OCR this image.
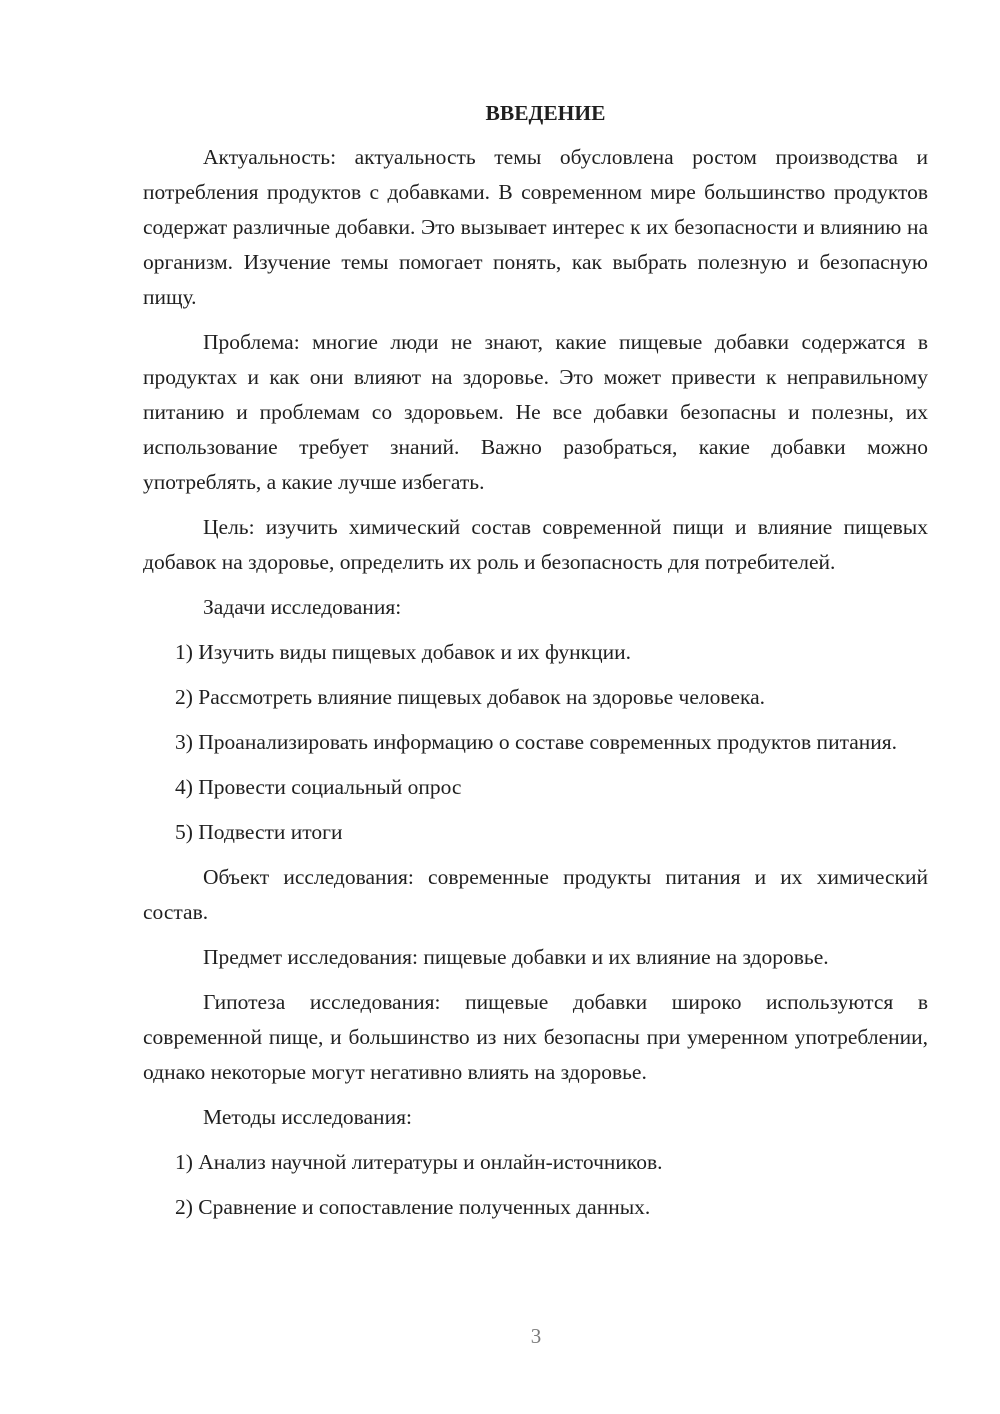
ВВЕДЕНИЕ

Актуальность: актуальность темы обусловлена ростом производства и потребления продуктов с добавками. В современном мире большинство продуктов содержат различные добавки. Это вызывает интерес к их безопасности и влиянию на организм. Изучение темы помогает понять, как выбрать полезную и безопасную пищу.

Проблема: многие люди не знают, какие пищевые добавки содержатся в продуктах и как они влияют на здоровье. Это может привести к неправильному питанию и проблемам со здоровьем. Не все добавки безопасны и полезны, их использование требует знаний. Важно разобраться, какие добавки можно употреблять, а какие лучше избегать.

Цель: изучить химический состав современной пищи и влияние пищевых добавок на здоровье, определить их роль и безопасность для потребителей.

Задачи исследования:

1) Изучить виды пищевых добавок и их функции.

2) Рассмотреть влияние пищевых добавок на здоровье человека.

3) Проанализировать информацию о составе современных продуктов питания.

4) Провести социальный опрос

5) Подвести итоги

Объект исследования: современные продукты питания и их химический состав.

Предмет исследования: пищевые добавки и их влияние на здоровье.

Гипотеза исследования: пищевые добавки широко используются в современной пище, и большинство из них безопасны при умеренном употреблении, однако некоторые могут негативно влиять на здоровье.

Методы исследования:

1) Анализ научной литературы и онлайн-источников.

2) Сравнение и сопоставление полученных данных.

3
